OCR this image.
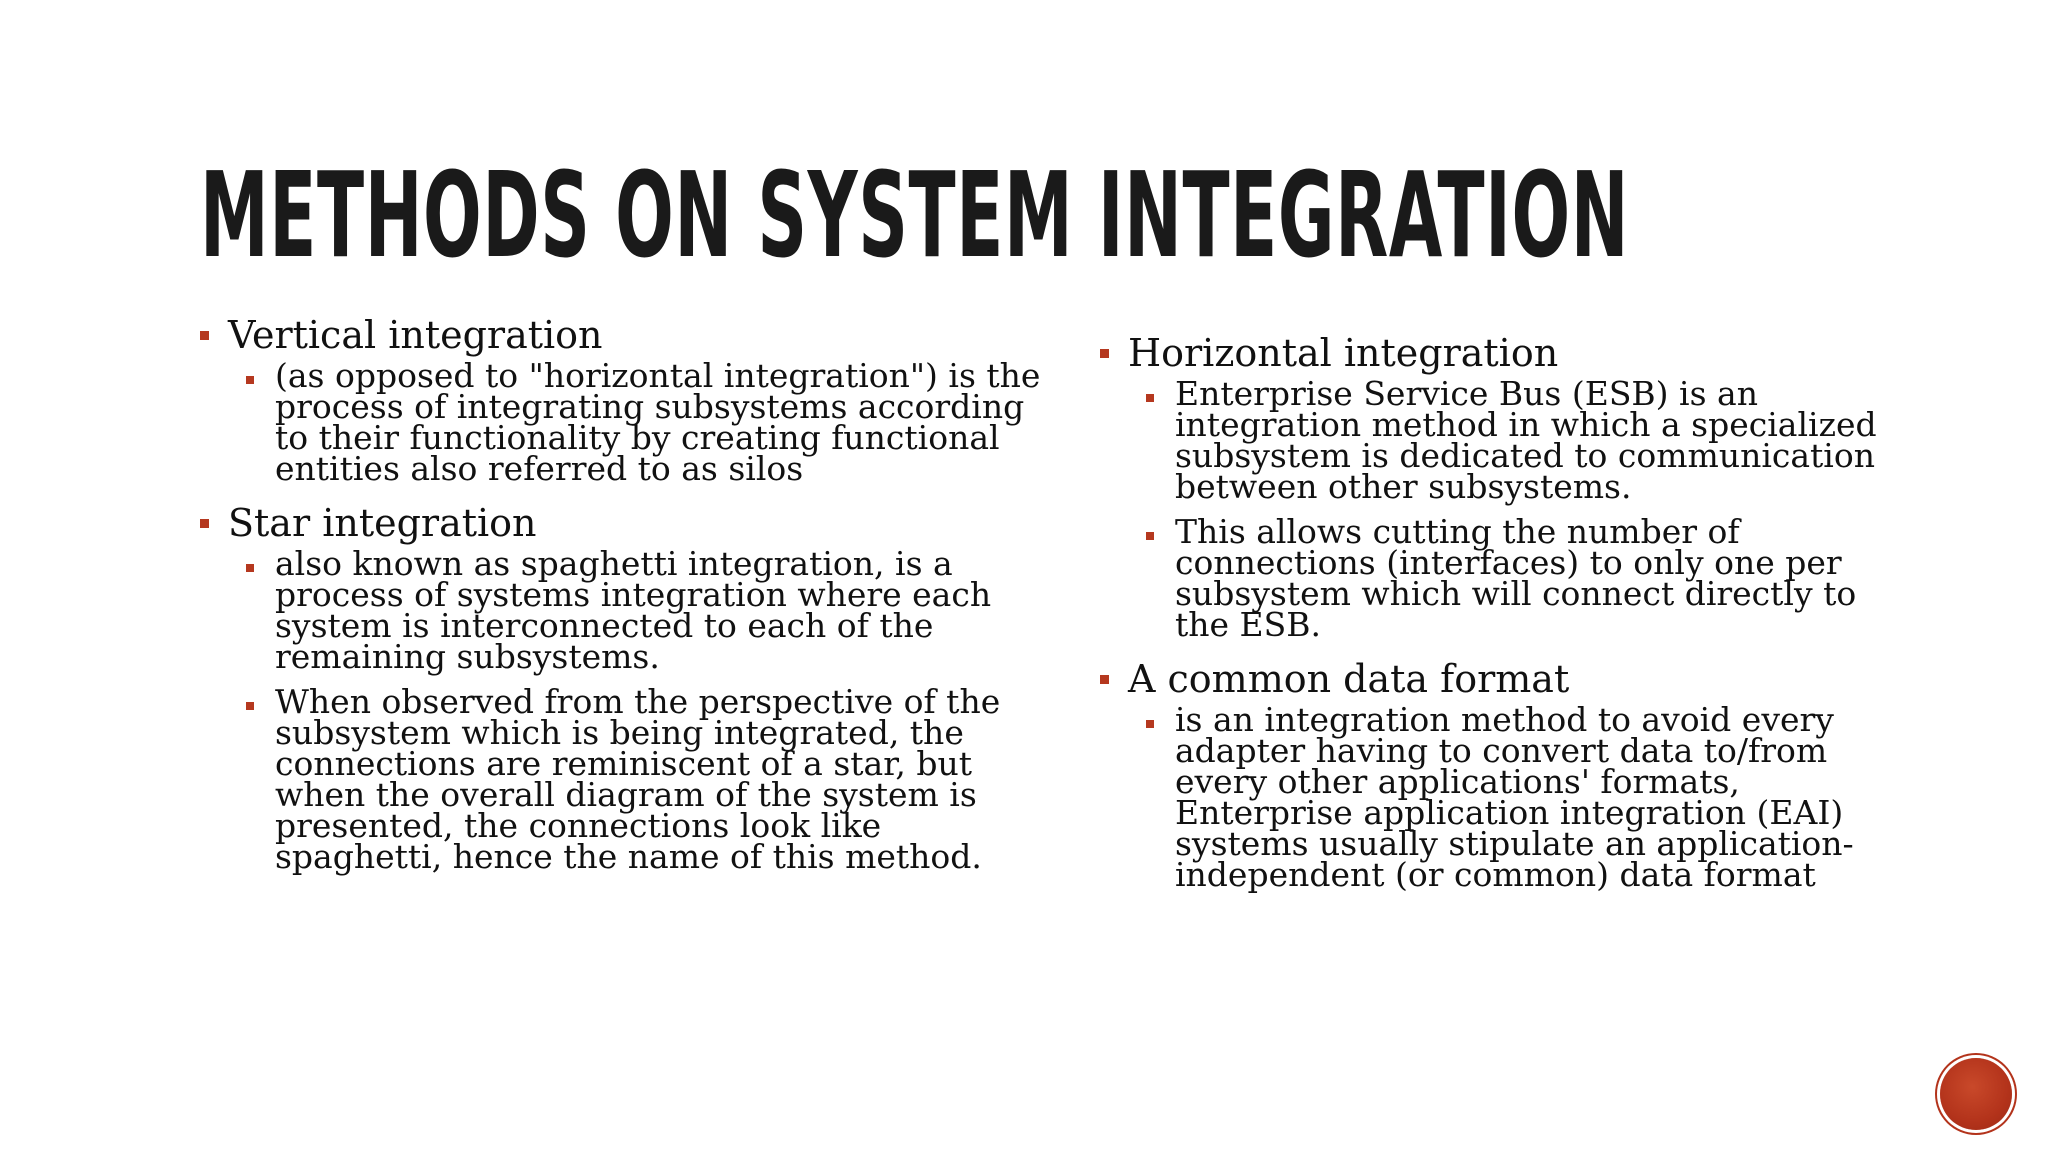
METHODS ON SYSTEM INTEGRATION
Vertical integration
(as opposed to "horizontal integration") is the process of integrating subsystems according to their functionality by creating functional entities also referred to as silos
Star integration
also known as spaghetti integration, is a process of systems integration where each system is interconnected to each of the remaining subsystems.
When observed from the perspective of the subsystem which is being integrated, the connections are reminiscent of a star, but when the overall diagram of the system is presented, the connections look like spaghetti, hence the name of this method.
Horizontal integration
Enterprise Service Bus (ESB) is an integration method in which a specialized subsystem is dedicated to communication between other subsystems.
This allows cutting the number of connections (interfaces) to only one per subsystem which will connect directly to the ESB.
A common data format
is an integration method to avoid every adapter having to convert data to/from every other applications' formats, Enterprise application integration (EAI) systems usually stipulate an application-independent (or common) data format
